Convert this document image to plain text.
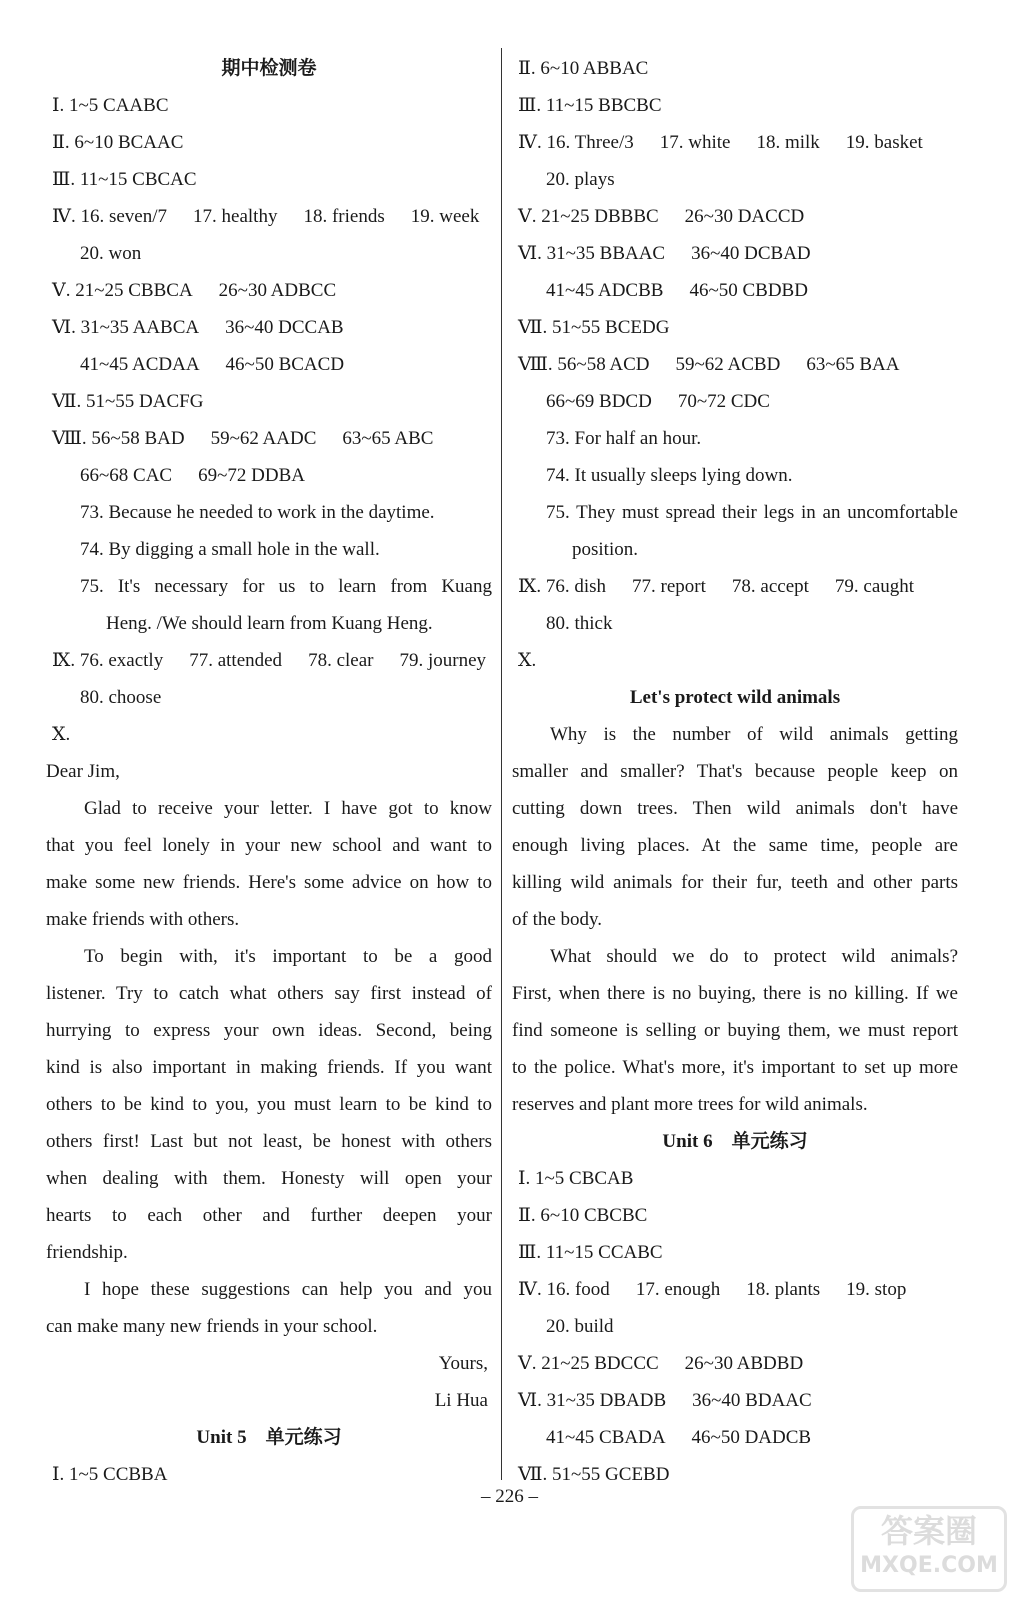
期中检测卷
Ⅰ. 1~5 CAABC
Ⅱ. 6~10 BCAAC
Ⅲ. 11~15 CBCAC
Ⅳ. 16. seven/7 17. healthy 18. friends 19. week
20. won
Ⅴ. 21~25 CBBCA 26~30 ADBCC
Ⅵ. 31~35 AABCA 36~40 DCCAB
41~45 ACDAA 46~50 BCACD
Ⅶ. 51~55 DACFG
Ⅷ. 56~58 BAD 59~62 AADC 63~65 ABC
66~68 CAC 69~72 DDBA
73. Because he needed to work in the daytime.
74. By digging a small hole in the wall.
75. It's necessary for us to learn from Kuang
Heng. /We should learn from Kuang Heng.
Ⅸ. 76. exactly 77. attended 78. clear 79. journey
80. choose
Ⅹ.
Dear Jim,
Glad to receive your letter. I have got to know
that you feel lonely in your new school and want to
make some new friends. Here's some advice on how to
make friends with others.
To begin with, it's important to be a good
listener. Try to catch what others say first instead of
hurrying to express your own ideas. Second, being
kind is also important in making friends. If you want
others to be kind to you, you must learn to be kind to
others first! Last but not least, be honest with others
when dealing with them. Honesty will open your
hearts to each other and further deepen your
friendship.
I hope these suggestions can help you and you
can make many new friends in your school.
Yours,
Li Hua
Unit 5　单元练习
Ⅰ. 1~5 CCBBA
Ⅱ. 6~10 ABBAC
Ⅲ. 11~15 BBCBC
Ⅳ. 16. Three/3 17. white 18. milk 19. basket
20. plays
Ⅴ. 21~25 DBBBC 26~30 DACCD
Ⅵ. 31~35 BBAAC 36~40 DCBAD
41~45 ADCBB 46~50 CBDBD
Ⅶ. 51~55 BCEDG
Ⅷ. 56~58 ACD 59~62 ACBD 63~65 BAA
66~69 BDCD 70~72 CDC
73. For half an hour.
74. It usually sleeps lying down.
75. They must spread their legs in an uncomfortable
position.
Ⅸ. 76. dish 77. report 78. accept 79. caught
80. thick
Ⅹ.
Let's protect wild animals
Why is the number of wild animals getting
smaller and smaller? That's because people keep on
cutting down trees. Then wild animals don't have
enough living places. At the same time, people are
killing wild animals for their fur, teeth and other parts
of the body.
What should we do to protect wild animals?
First, when there is no buying, there is no killing. If we
find someone is selling or buying them, we must report
to the police. What's more, it's important to set up more
reserves and plant more trees for wild animals.
Unit 6　单元练习
Ⅰ. 1~5 CBCAB
Ⅱ. 6~10 CBCBC
Ⅲ. 11~15 CCABC
Ⅳ. 16. food 17. enough 18. plants 19. stop
20. build
Ⅴ. 21~25 BDCCC 26~30 ABDBD
Ⅵ. 31~35 DBADB 36~40 BDAAC
41~45 CBADA 46~50 DADCB
Ⅶ. 51~55 GCEBD
– 226 –
答案圈
MXQE.COM
